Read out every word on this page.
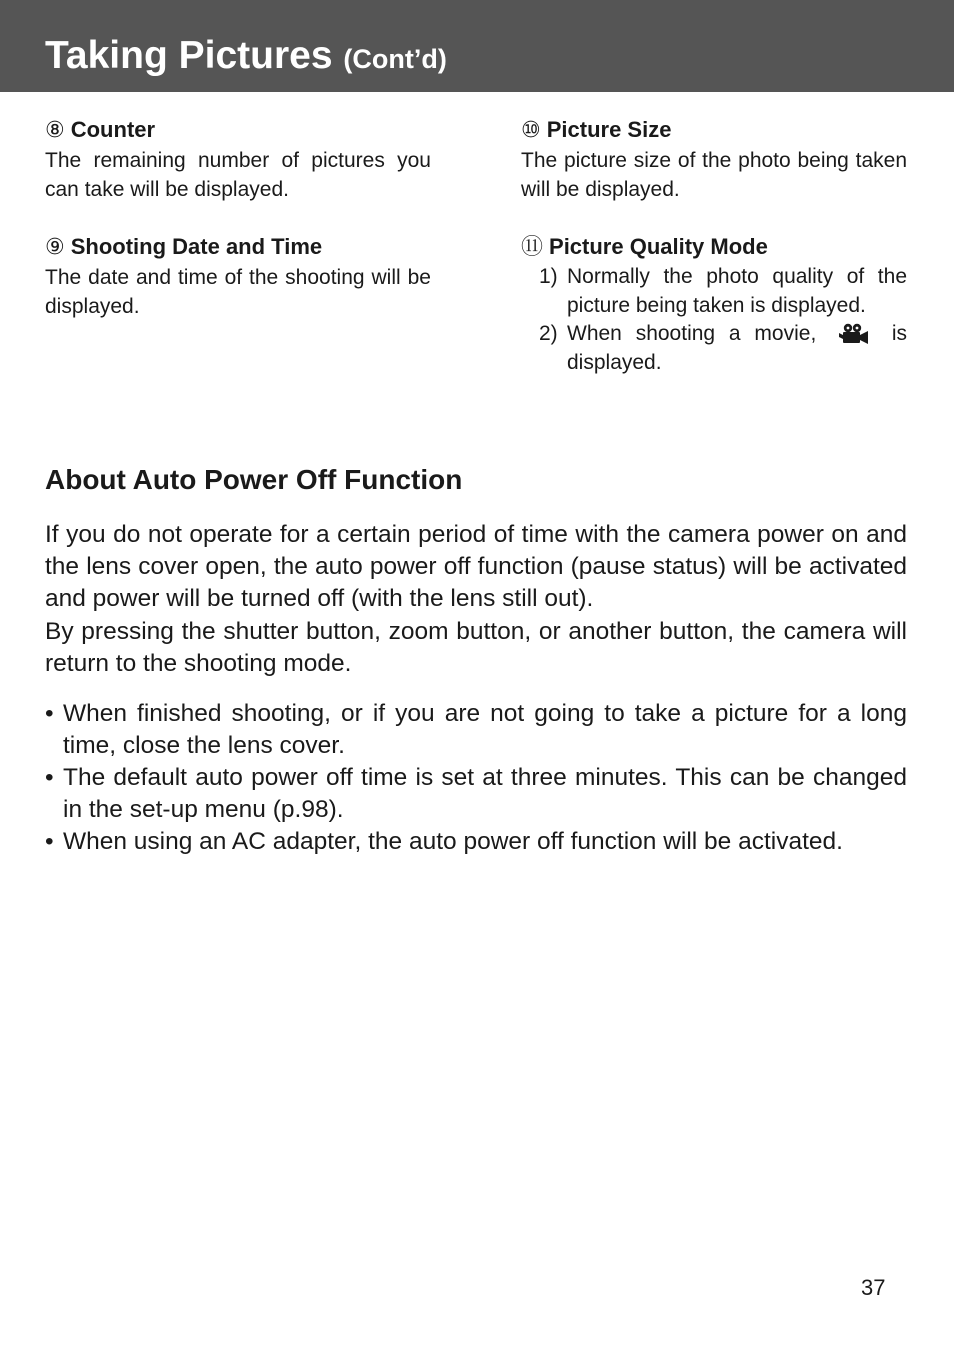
Taking Pictures (Cont’d)
⑧ Counter

The remaining number of pictures you can take will be displayed.

⑨ Shooting Date and Time

The date and time of the shooting will be displayed.

⑩ Picture Size

The picture size of the photo being taken will be displayed.

⑪ Picture Quality Mode
1) Normally the photo quality of the picture being taken is displayed.
2) When shooting a movie,	is
displayed.
About Auto Power Off Function

If you do not operate for a certain period of time with the camera power on and the lens cover open, the auto power off function (pause status) will be activated and power will be turned off (with the lens still out).

By pressing the shutter button, zoom button, or another button, the camera will return to the shooting mode.

• When finished shooting, or if you are not going to take a picture for a long time, close the lens cover.
• The default auto power off time is set at three minutes. This can be changed in the set-up menu (p.98).
• When using an AC adapter, the auto power off function will be activated.
37
